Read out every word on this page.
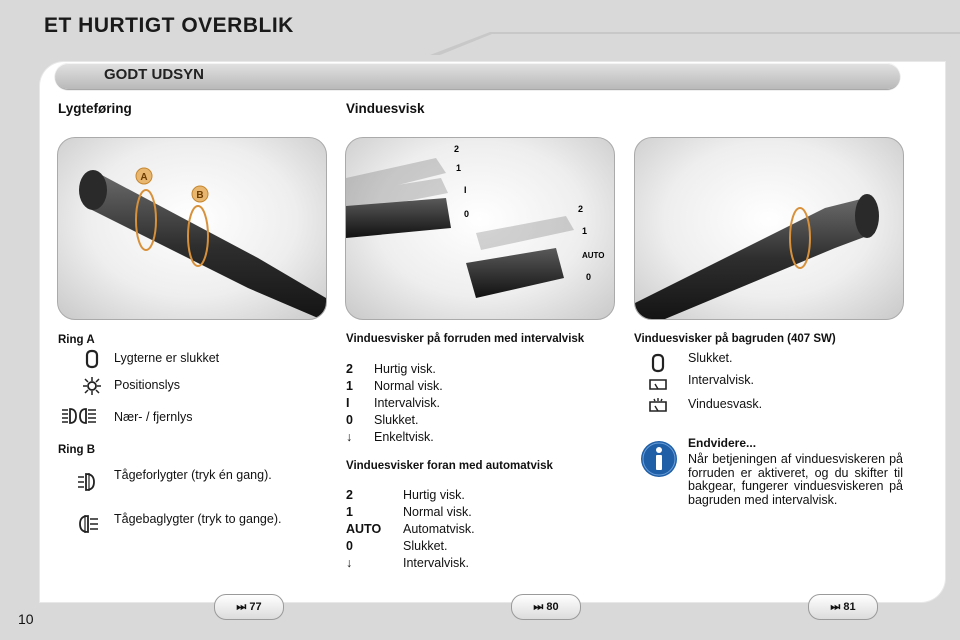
ET HURTIGT OVERBLIK
GODT UDSYN
Lygteføring	Vinduesvisk
A
B
2
1
I
0	2
1
AUTO
0
Ring A
Lygterne er slukket
Positionslys
Nær- / fjernlys
Ring B
Tågeforlygter (tryk én gang).
Tågebaglygter (tryk to gange).
Vinduesvisker på forruden med intervalvisk
2 Hurtig visk.
1 Normal visk.
I Intervalvisk.
0 Slukket.
↓ Enkeltvisk.
Vinduesvisker foran med automatvisk
2	Hurtig visk.
1	Normal visk.
AUTO Automatvisk.
0	Slukket.
↓	Intervalvisk.
Vinduesvisker på bagruden (407 SW)
Slukket.
Intervalvisk.
Vinduesvask.
Endvidere...
Når betjeningen af vinduesviskeren på forruden er aktiveret, og du skifter til bakgear, fungerer vinduesviskeren på bagruden med intervalvisk.
⏭ 77	⏭ 80	⏭ 81
10
